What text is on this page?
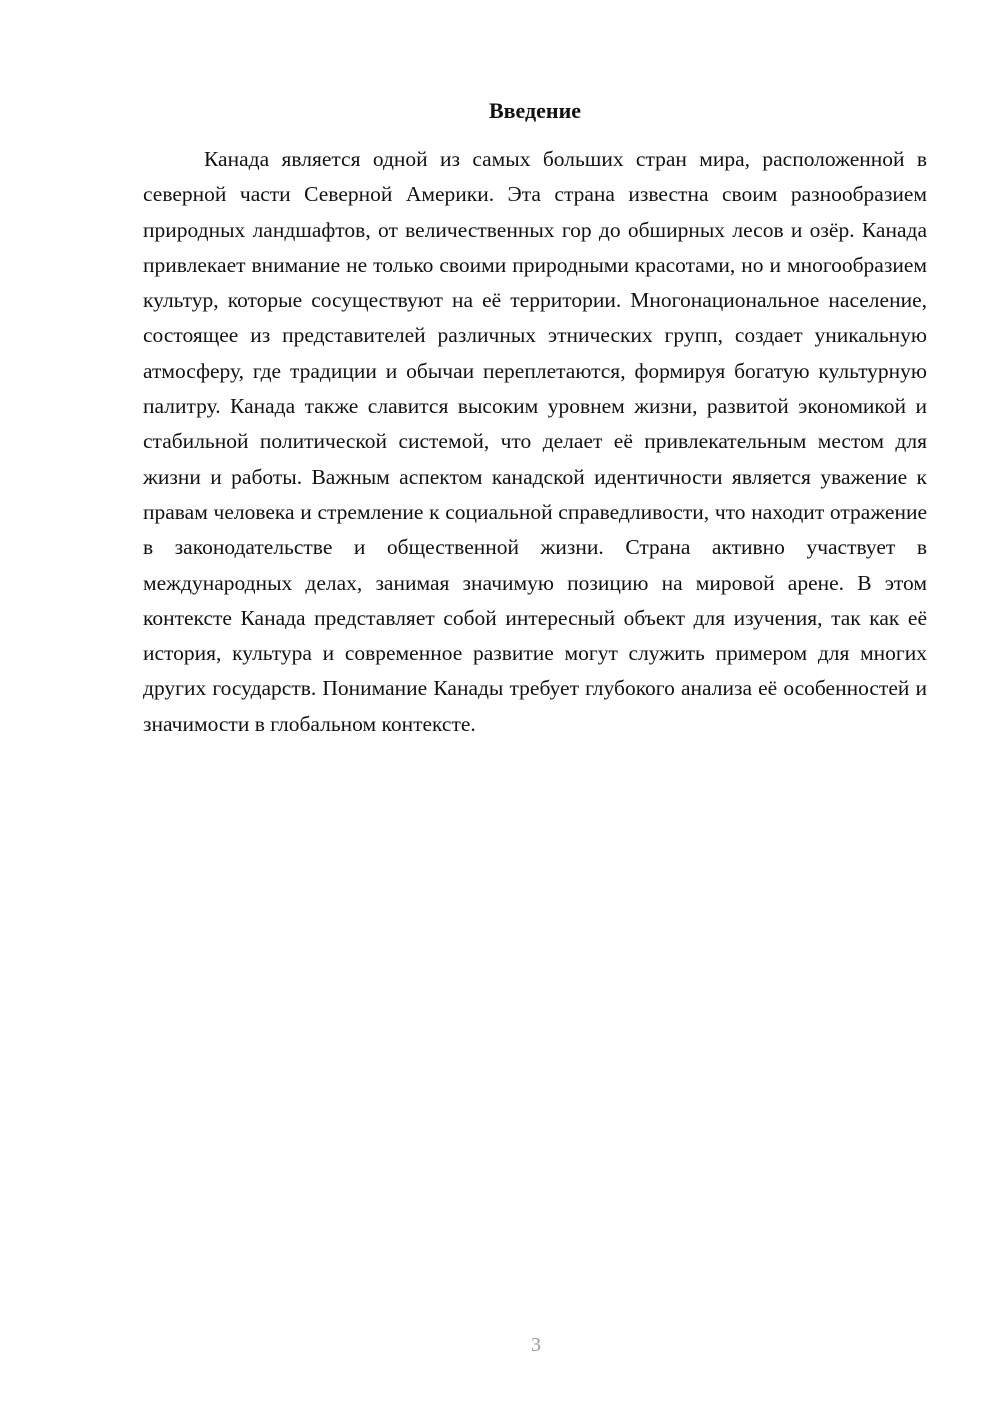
Введение

Канада является одной из самых больших стран мира, расположенной в северной части Северной Америки. Эта страна известна своим разнообразием природных ландшафтов, от величественных гор до обширных лесов и озёр. Канада привлекает внимание не только своими природными красотами, но и многообразием культур, которые сосуществуют на её территории. Многонациональное население, состоящее из представителей различных этнических групп, создает уникальную атмосферу, где традиции и обычаи переплетаются, формируя богатую культурную палитру. Канада также славится высоким уровнем жизни, развитой экономикой и стабильной политической системой, что делает её привлекательным местом для жизни и работы. Важным аспектом канадской идентичности является уважение к правам человека и стремление к социальной справедливости, что находит отражение в законодательстве и общественной жизни. Страна активно участвует в международных делах, занимая значимую позицию на мировой арене. В этом контексте Канада представляет собой интересный объект для изучения, так как её история, культура и современное развитие могут служить примером для многих других государств. Понимание Канады требует глубокого анализа её особенностей и значимости в глобальном контексте.

3
